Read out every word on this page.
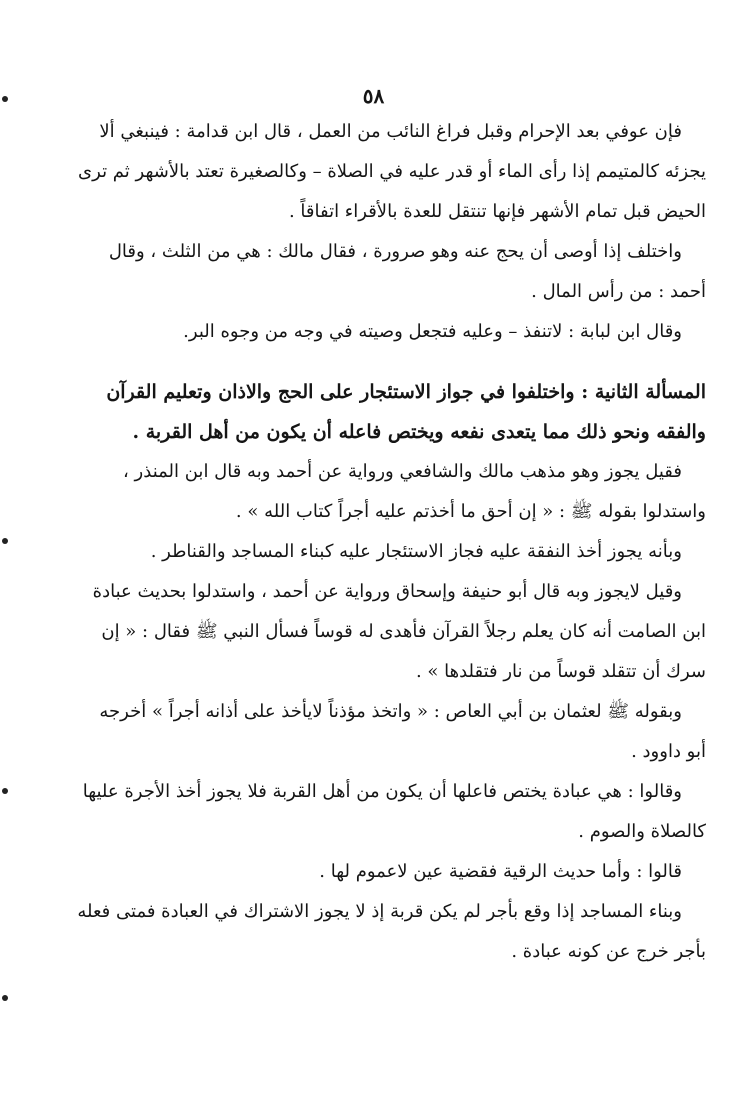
٥٨
فإن عوفي بعد الإحرام وقبل فراغ النائب من العمل ، قال ابن قدامة : فينبغي ألا
يجزئه كالمتيمم إذا رأى الماء أو قدر عليه في الصلاة – وكالصغيرة تعتد بالأشهر ثم ترى
الحيض قبل تمام الأشهر فإنها تنتقل للعدة بالأقراء اتفاقاً .
واختلف إذا أوصى أن يحج عنه وهو صرورة ، فقال مالك : هي من الثلث ، وقال
أحمد : من رأس المال .
وقال ابن لبابة : لاتنفذ – وعليه فتجعل وصيته في وجه من وجوه البر.
المسألة الثانية : واختلفوا في جواز الاستئجار على الحج والاذان وتعليم القرآن
والفقه ونحو ذلك مما يتعدى نفعه ويختص فاعله أن يكون من أهل القربة .
فقيل يجوز وهو مذهب مالك والشافعي ورواية عن أحمد وبه قال ابن المنذر ،
واستدلوا بقوله ﷺ : « إن أحق ما أخذتم عليه أجراً كتاب الله » .
وبأنه يجوز أخذ النفقة عليه فجاز الاستئجار عليه كبناء المساجد والقناطر .
وقيل لايجوز وبه قال أبو حنيفة وإسحاق ورواية عن أحمد ، واستدلوا بحديث عبادة
ابن الصامت أنه كان يعلم رجلاً القرآن فأهدى له قوساً فسأل النبي ﷺ فقال : « إن
سرك أن تتقلد قوساً من نار فتقلدها » .
وبقوله ﷺ لعثمان بن أبي العاص : « واتخذ مؤذناً لايأخذ على أذانه أجراً » أخرجه
أبو داوود .
وقالوا : هي عبادة يختص فاعلها أن يكون من أهل القربة فلا يجوز أخذ الأجرة عليها
كالصلاة والصوم .
قالوا : وأما حديث الرقية فقضية عين لاعموم لها .
وبناء المساجد إذا وقع بأجر لم يكن قربة إذ لا يجوز الاشتراك في العبادة فمتى فعله
بأجر خرج عن كونه عبادة .
